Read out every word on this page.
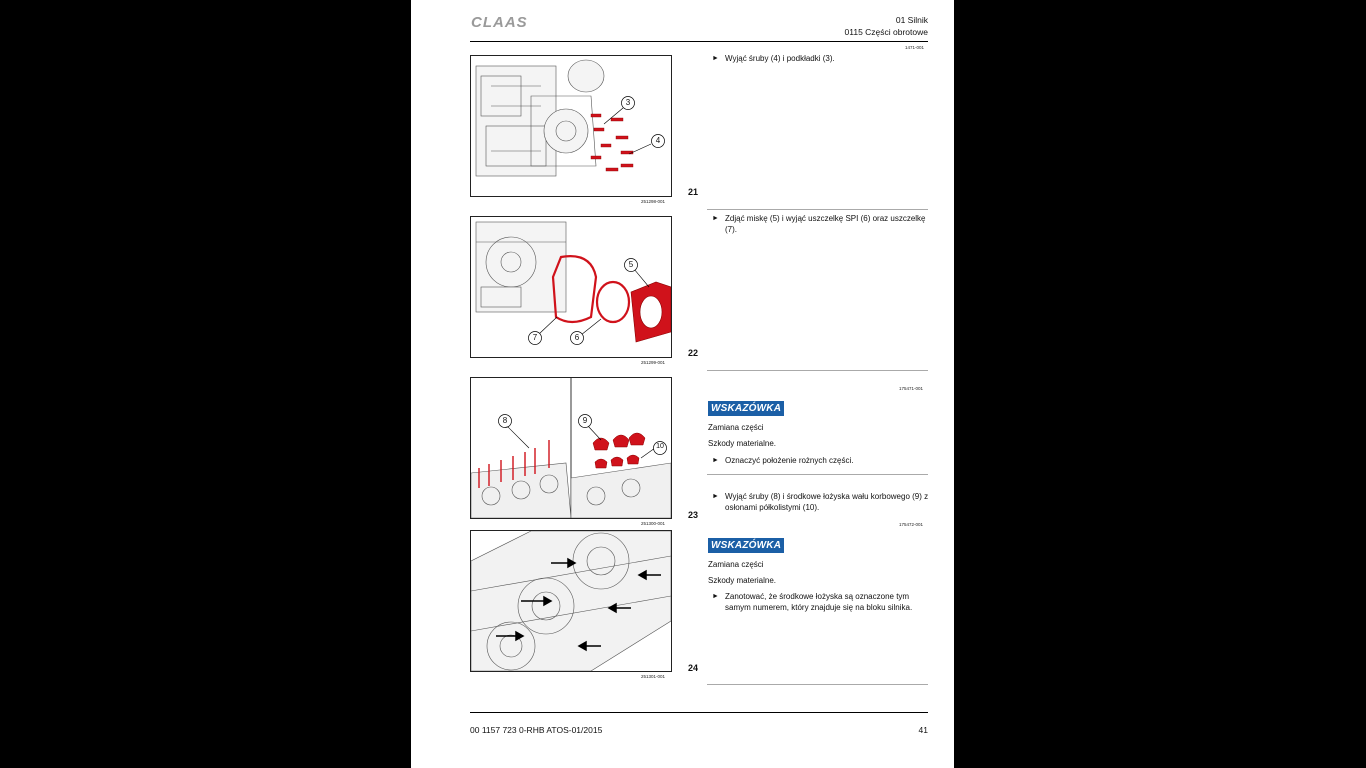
CLAAS	01 Silnik
0115 Części obrotowe
3
4
251298-001
21
1471-001
► Wyjąć śruby (4) i podkładki (3).
5
7	6
251299-001
22
► Zdjąć miskę (5) i wyjąć uszczelkę SPI (6) oraz uszczelkę (7).
8	9
10
251300-001
23
175471-001
WSKAZÓWKA
Zamiana części
Szkody materialne.
► Oznaczyć położenie rożnych części.
► Wyjąć śruby (8) i środkowe łożyska wału korbowego (9) z osłonami półkolistymi (10).
251301-001
24
175472-001
WSKAZÓWKA
Zamiana części
Szkody materialne.
► Zanotować, że środkowe łożyska są oznaczone tym samym numerem, który znajduje się na bloku silnika.
00 1157 723 0-RHB ATOS-01/2015	41
